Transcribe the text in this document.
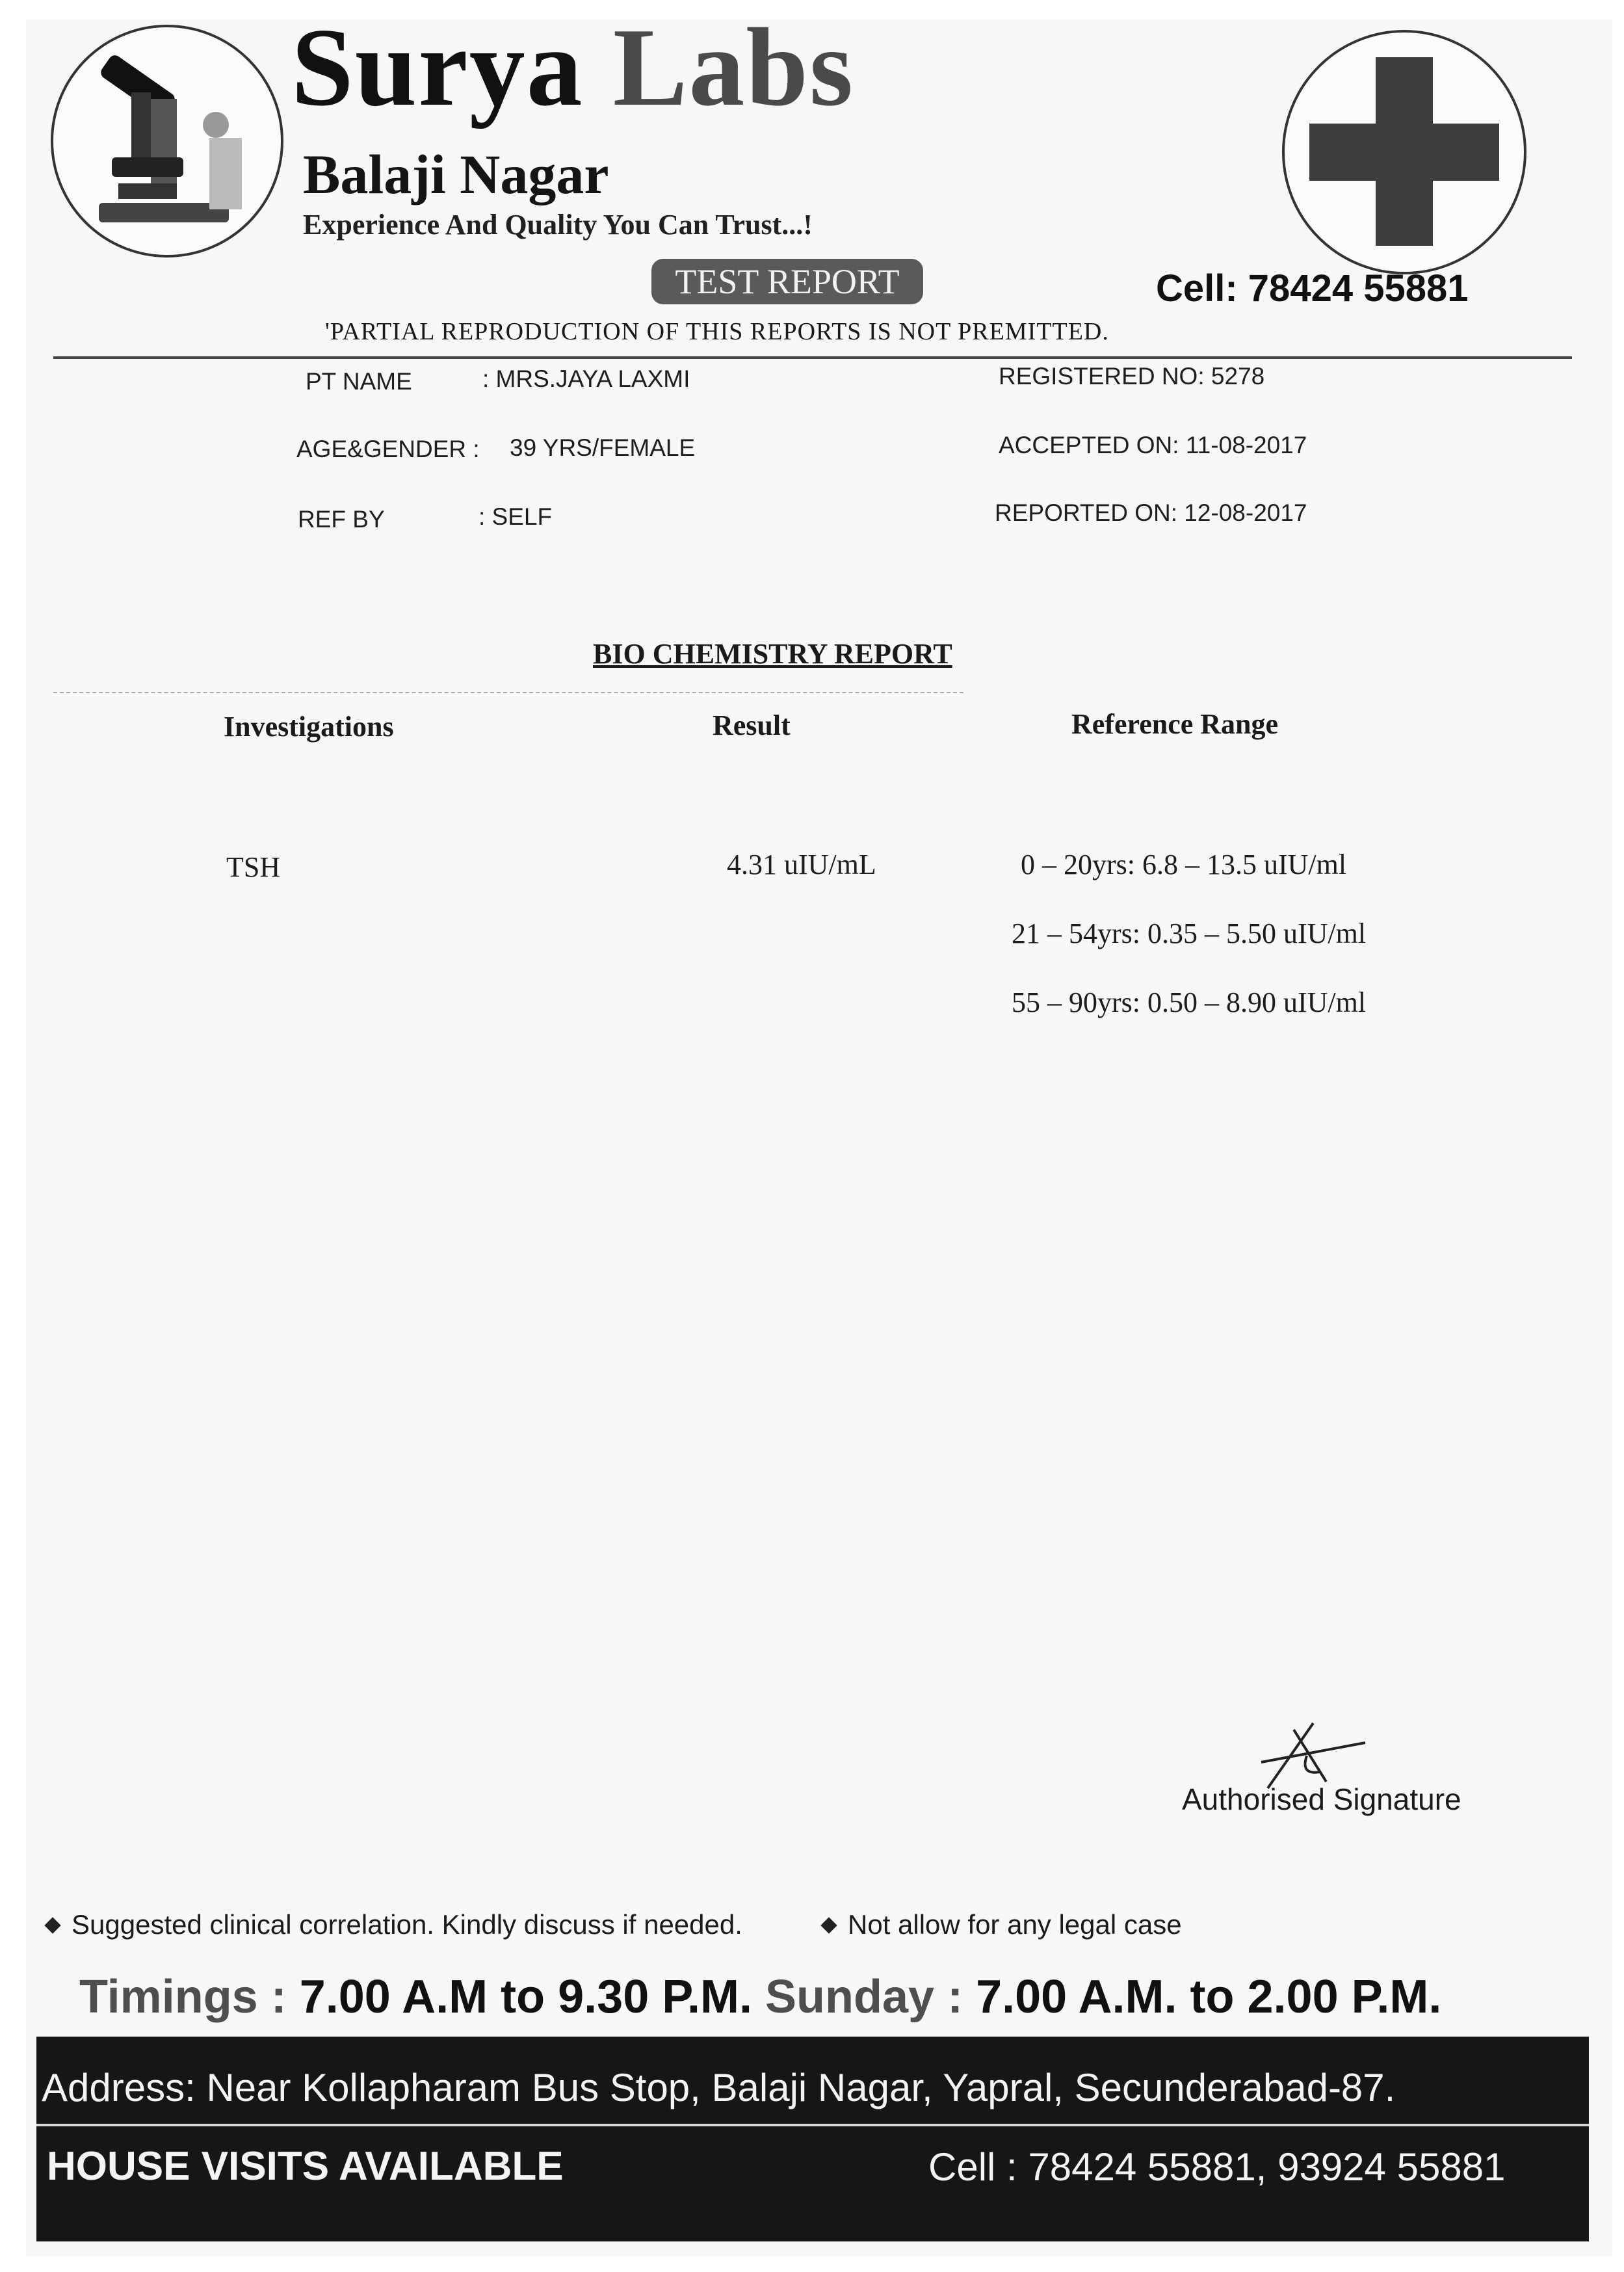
Surya Labs
Balaji Nagar
Experience And Quality You Can Trust...!
TEST REPORT	Cell: 78424 55881
'PARTIAL REPRODUCTION OF THIS REPORTS IS NOT PREMITTED.
PT NAME	: MRS.JAYA LAXMI
AGE&GENDER : 39 YRS/FEMALE
REF BY	: SELF
REGISTERED NO: 5278
ACCEPTED ON: 11-08-2017
REPORTED ON: 12-08-2017
BIO CHEMISTRY REPORT
Investigations	Result	Reference Range
TSH	4.31 uIU/mL	0 – 20yrs: 6.8 – 13.5 uIU/ml
21 – 54yrs: 0.35 – 5.50 uIU/ml
55 – 90yrs: 0.50 – 8.90 uIU/ml
Authorised Signature
Suggested clinical correlation. Kindly discuss if needed.	Not allow for any legal case
Timings : 7.00 A.M to 9.30 P.M. Sunday : 7.00 A.M. to 2.00 P.M.
Address: Near Kollapharam Bus Stop, Balaji Nagar, Yapral, Secunderabad-87.
HOUSE VISITS AVAILABLE	Cell : 78424 55881, 93924 55881
